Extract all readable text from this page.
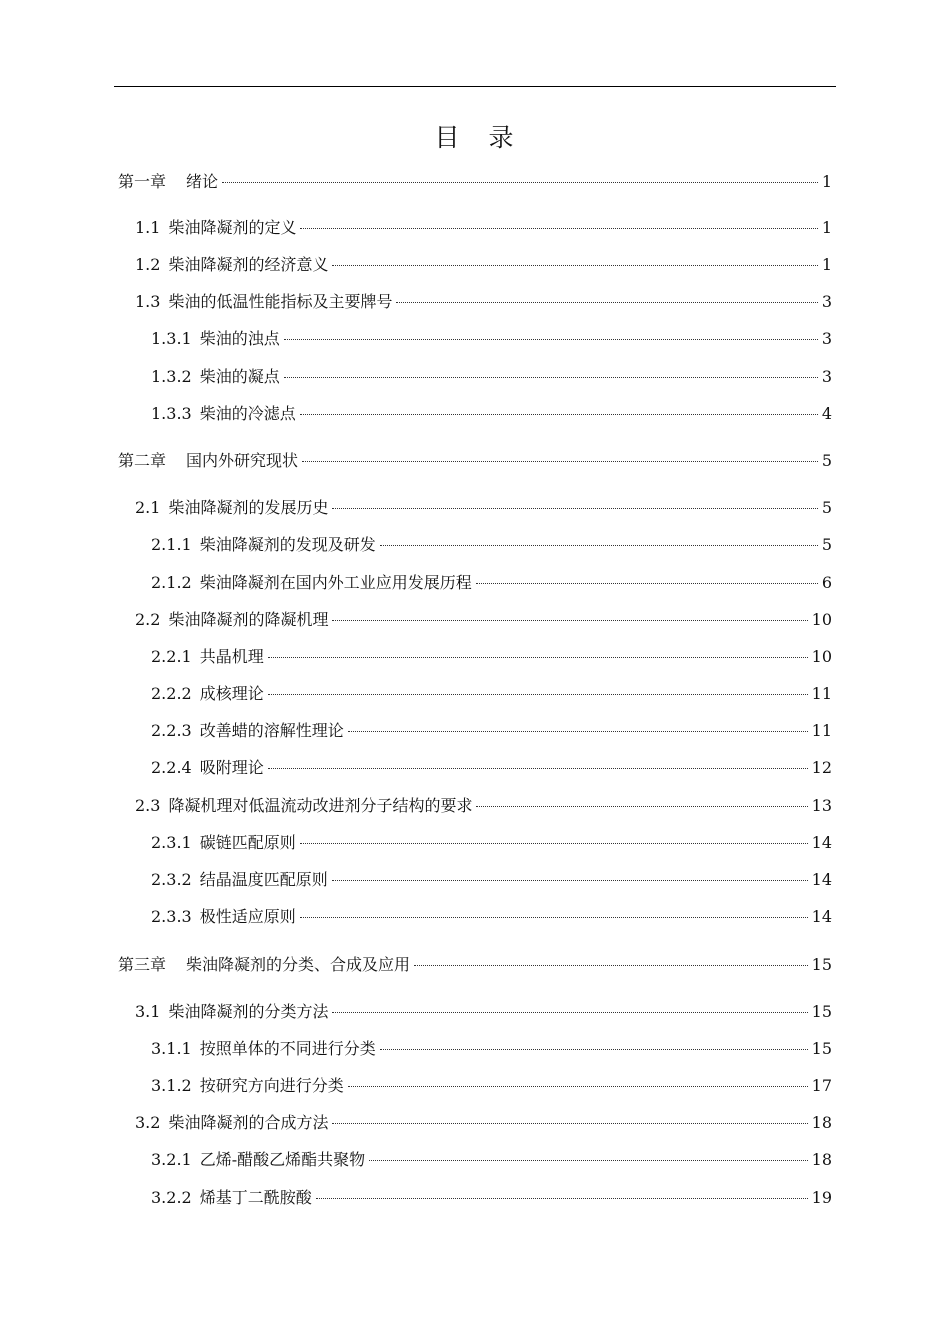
目　录
第一章 绪论	1
1.1 柴油降凝剂的定义	1
1.2 柴油降凝剂的经济意义	1
1.3 柴油的低温性能指标及主要牌号	3
1.3.1 柴油的浊点	3
1.3.2 柴油的凝点	3
1.3.3 柴油的冷滤点	4
第二章 国内外研究现状	5
2.1 柴油降凝剂的发展历史	5
2.1.1 柴油降凝剂的发现及研发	5
2.1.2 柴油降凝剂在国内外工业应用发展历程	6
2.2 柴油降凝剂的降凝机理	10
2.2.1 共晶机理	10
2.2.2 成核理论	11
2.2.3 改善蜡的溶解性理论	11
2.2.4 吸附理论	12
2.3 降凝机理对低温流动改进剂分子结构的要求	13
2.3.1 碳链匹配原则	14
2.3.2 结晶温度匹配原则	14
2.3.3 极性适应原则	14
第三章 柴油降凝剂的分类、合成及应用	15
3.1 柴油降凝剂的分类方法	15
3.1.1 按照单体的不同进行分类	15
3.1.2 按研究方向进行分类	17
3.2 柴油降凝剂的合成方法	18
3.2.1 乙烯-醋酸乙烯酯共聚物	18
3.2.2 烯基丁二酰胺酸	19
